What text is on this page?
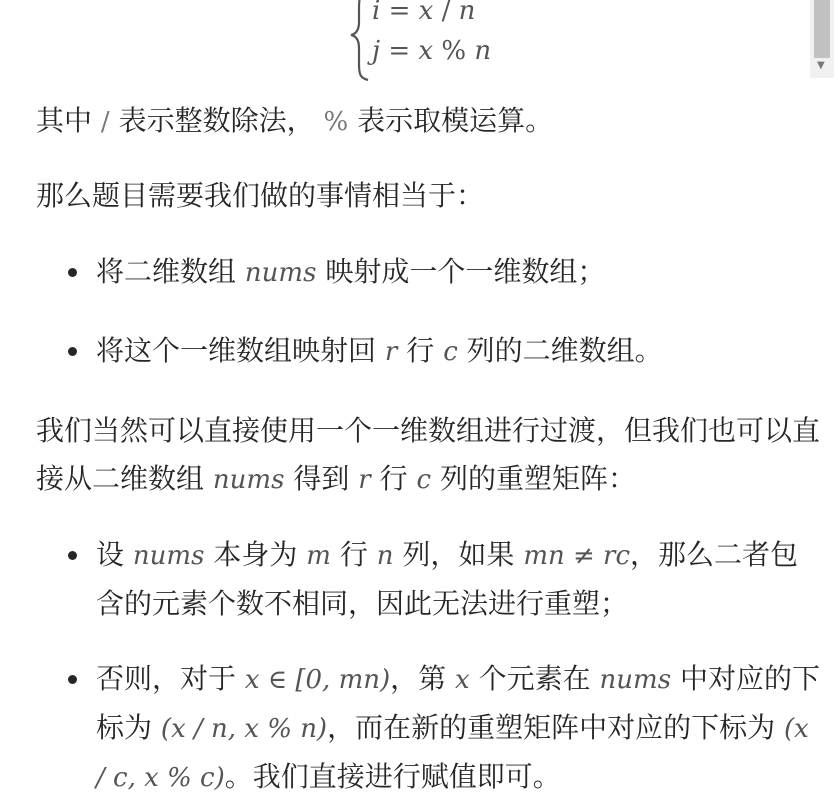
i = x / n
j = x % n	▼

其中 / 表示整数除法， % 表示取模运算。

那么题目需要我们做的事情相当于：

将二维数组 nums 映射成一个一维数组；
将这个一维数组映射回 r 行 c 列的二维数组。

我们当然可以直接使用一个一维数组进行过渡，但我们也可以直接从二维数组 nums 得到 r 行 c 列的重塑矩阵：

设 nums 本身为 m 行 n 列，如果 mn ≠ rc，那么二者包含的元素个数不相同，因此无法进行重塑；
否则，对于 x ∈ [0, mn)，第 x 个元素在 nums 中对应的下标为 (x / n, x % n)，而在新的重塑矩阵中对应的下标为 (x / c, x % c)。我们直接进行赋值即可。
